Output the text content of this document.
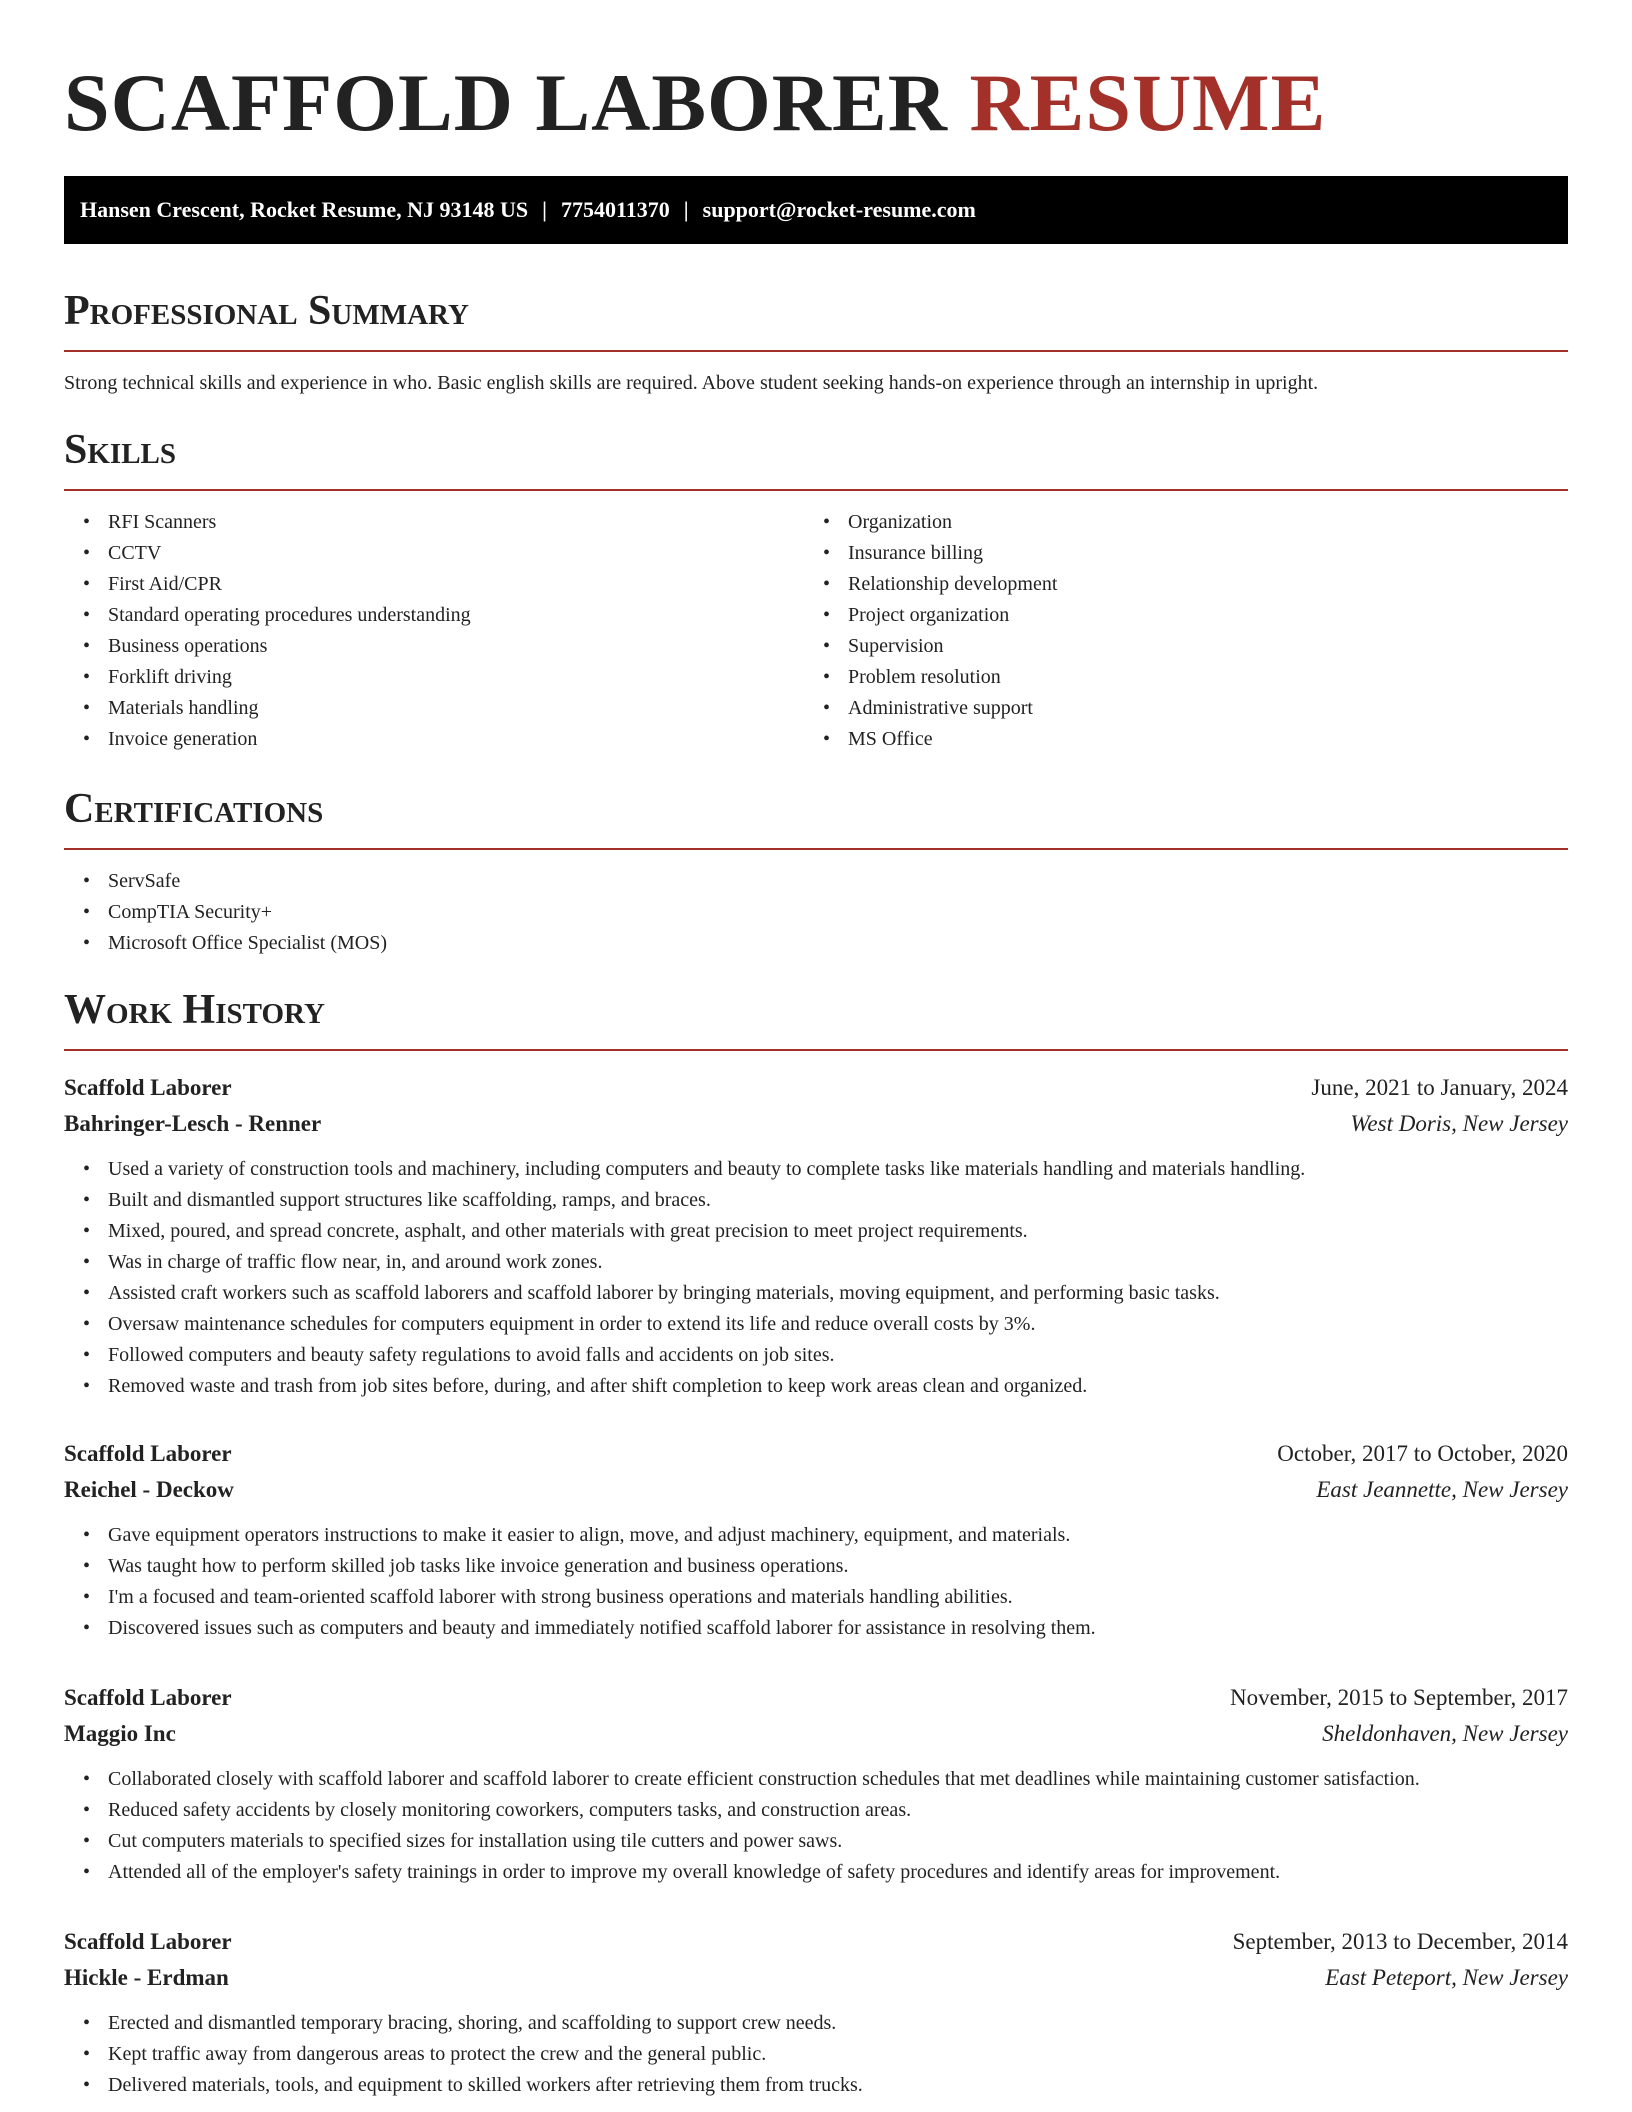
SCAFFOLD LABORER RESUME
Hansen Crescent, Rocket Resume, NJ 93148 US | 7754011370 | support@rocket-resume.com
Professional Summary

Strong technical skills and experience in who. Basic english skills are required. Above student seeking hands-on experience through an internship in upright.

Skills
• RFI Scanners
• CCTV
• First Aid/CPR
• Standard operating procedures understanding
• Business operations
• Forklift driving
• Materials handling
• Invoice generation
• Organization
• Insurance billing
• Relationship development
• Project organization
• Supervision
• Problem resolution
• Administrative support
• MS Office
Certifications
• ServSafe
• CompTIA Security+
• Microsoft Office Specialist (MOS)
Work History
Scaffold Laborer	June, 2021 to January, 2024
Bahringer-Lesch - Renner	West Doris, New Jersey
• Used a variety of construction tools and machinery, including computers and beauty to complete tasks like materials handling and materials handling.
• Built and dismantled support structures like scaffolding, ramps, and braces.
• Mixed, poured, and spread concrete, asphalt, and other materials with great precision to meet project requirements.
• Was in charge of traffic flow near, in, and around work zones.
• Assisted craft workers such as scaffold laborers and scaffold laborer by bringing materials, moving equipment, and performing basic tasks.
• Oversaw maintenance schedules for computers equipment in order to extend its life and reduce overall costs by 3%.
• Followed computers and beauty safety regulations to avoid falls and accidents on job sites.
• Removed waste and trash from job sites before, during, and after shift completion to keep work areas clean and organized.
Scaffold Laborer	October, 2017 to October, 2020
Reichel - Deckow	East Jeannette, New Jersey
• Gave equipment operators instructions to make it easier to align, move, and adjust machinery, equipment, and materials.
• Was taught how to perform skilled job tasks like invoice generation and business operations.
• I'm a focused and team-oriented scaffold laborer with strong business operations and materials handling abilities.
• Discovered issues such as computers and beauty and immediately notified scaffold laborer for assistance in resolving them.
Scaffold Laborer	November, 2015 to September, 2017
Maggio Inc	Sheldonhaven, New Jersey
• Collaborated closely with scaffold laborer and scaffold laborer to create efficient construction schedules that met deadlines while maintaining customer satisfaction.
• Reduced safety accidents by closely monitoring coworkers, computers tasks, and construction areas.
• Cut computers materials to specified sizes for installation using tile cutters and power saws.
• Attended all of the employer's safety trainings in order to improve my overall knowledge of safety procedures and identify areas for improvement.
Scaffold Laborer	September, 2013 to December, 2014
Hickle - Erdman	East Peteport, New Jersey
• Erected and dismantled temporary bracing, shoring, and scaffolding to support crew needs.
• Kept traffic away from dangerous areas to protect the crew and the general public.
• Delivered materials, tools, and equipment to skilled workers after retrieving them from trucks.
